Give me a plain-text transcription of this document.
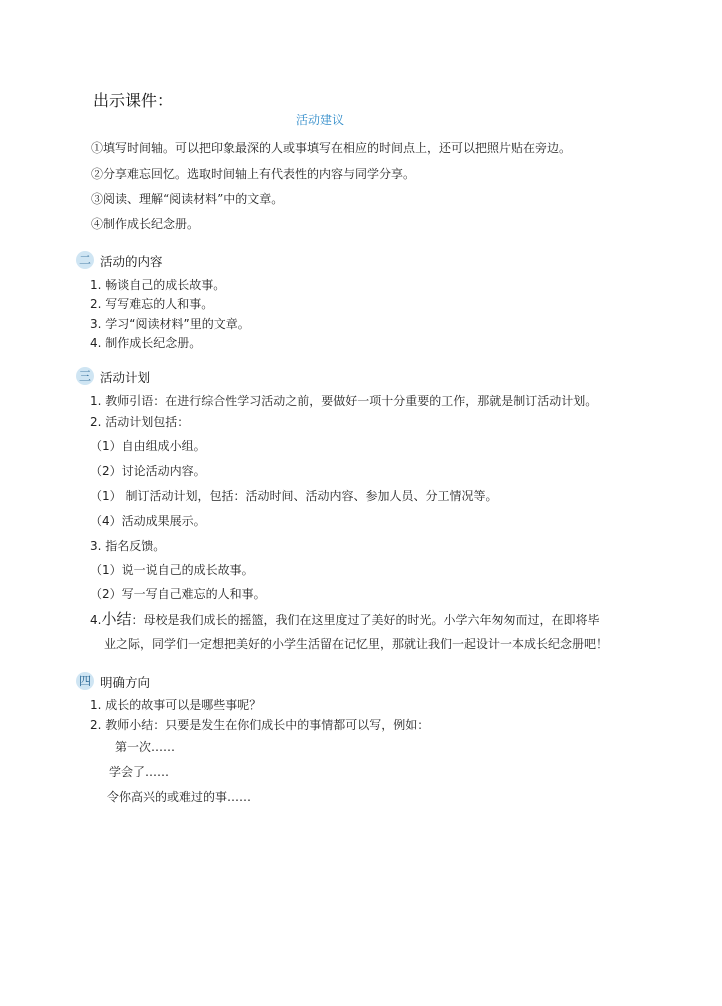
出示课件：
活动建议
①填写时间轴。可以把印象最深的人或事填写在相应的时间点上，还可以把照片贴在旁边。
②分享难忘回忆。选取时间轴上有代表性的内容与同学分享。
③阅读、理解“阅读材料”中的文章。
④制作成长纪念册。
二 活动的内容
1. 畅谈自己的成长故事。
2. 写写难忘的人和事。
3. 学习“阅读材料”里的文章。
4. 制作成长纪念册。
三 活动计划
1. 教师引语：在进行综合性学习活动之前，要做好一项十分重要的工作，那就是制订活动计划。
2. 活动计划包括：
（1）自由组成小组。
（2）讨论活动内容。
（1） 制订活动计划，包括：活动时间、活动内容、参加人员、分工情况等。
（4）活动成果展示。
3. 指名反馈。
（1）说一说自己的成长故事。
（2）写一写自己难忘的人和事。
4.小结：母校是我们成长的摇篮，我们在这里度过了美好的时光。小学六年匆匆而过，在即将毕
业之际，同学们一定想把美好的小学生活留在记忆里，那就让我们一起设计一本成长纪念册吧！
四 明确方向
1. 成长的故事可以是哪些事呢？
2. 教师小结：只要是发生在你们成长中的事情都可以写，例如：
第一次……
学会了……
令你高兴的或难过的事……
